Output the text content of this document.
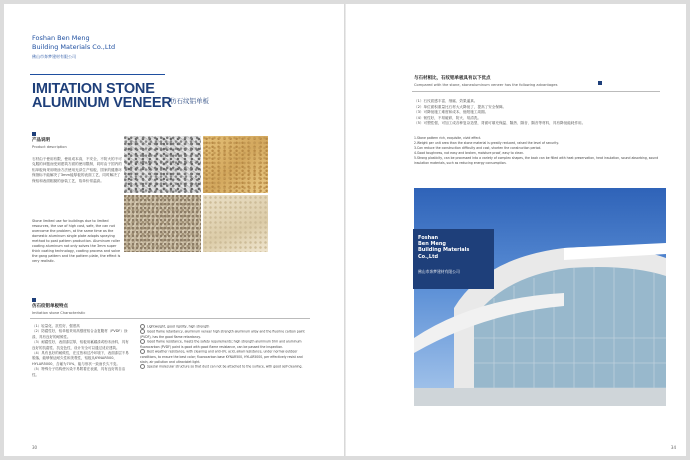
Foshan Ben Meng
Building Materials Co.,Ltd
佛山市奔梦建材有限公司
IMITATION STONE
ALUMINUM VENEER
仿石纹铝单板
产品说明
Product description
石材由于使用有限，使用成本高，不安全，不防火的不可克服的问题而受到建筑方面的使用限制，同时由于国内的铝单板尚采用喷涂方法使用光泽生产铝板，国家的健康环保指标不能解决了3mm能厚板的表面工艺，同时解决了保铝和表面粗糙的涂装工艺，故单价常温高。
Stone limited use for buildings due to limited resources, the use of high cost, safe, the can not overcome the problem, at the same time as the domestic aluminum single plate adopts spraying method to post pattern production. Aluminum roller coating aluminum not only solves the 3mm super thick coating technology, coating process and solve the gang pattern and the pattern plate, the effect is very realistic.
仿石纹铝单板特点
Imitation stone Characteristic
（1）轻量化、抗性好、强度高
（2）防腐性好，铝单板采用高强度铝合金复腹材（PVDF）涂漆，具有良好的耐候性。
（3）耐腐性好，表面漆层厚，铝板用氟碳漆或粉末涂料，具有良好的抗腐性、抗变色性，设计安全可以通过适应建筑。
（4）具有良好的耐候性，在过热和过冷环境下，表面漆层不易脱落，能够保证耐久性和美观性，铝板从KYNAR500、HYLAR5000，含氟为70%，能与形状一致而长久不变。
（5）特殊分子结构使污染不易附着在表面，具有良好的自洁性。
Lightweight, good rigidity, high strength
Good flame retardancy, aluminum veneer high strength aluminum alloy and the fluorine carbon paint (PVDF), has the good flame retardancy.
Good flame resistance, meets the safety requirements; high strength aluminum trim and aluminum fluorocarbon (PVDF) paint is good with good flame resistance, can be passed the inspection.
Best weather resistance, with cleaning and anti-UV, acid, alkali resistance, under normal outdoor conditions, to ensure the best color; fluorocarbon base KYNAR500, HYLAR5000, per effectively resist and stain, air pollution and ultraviolet light.
Special molecular structure so that dust can not be attached to the surface, with good self-cleaning.
30
与石材相比，石纹铝单板具有以下优点
Compared with the stone, stonealuminum veneer has the following advantages
（1）石纹质感丰富、细腻、效果逼真。
（2）单位面积重量比石材大大降低了，提高了安全保障。
（3）可降低施工难度和成本，缩短施工周期。
（4）韧性好，不易破碎，防火、易清洗。
（5）可塑性强，可加工成各种复杂造型，背面可填充保温、隔热、隔音、隔音等材料，具有降低能耗作用。
1.Stone pattern rich, exquisite, vivid effect.
2.Weight per unit area than the stone material is greatly reduced, raised the level of security.
3.Can reduce the construction difficulty and cost, shorten the construction period.
4.Good toughness, not easy and broken, moisture proof, easy to clean.
5.Strong plasticity, can be processed into a variety of complex shapes, the back can be filled with heat preservation, heat insulation, sound absorbing, sound insulation materials, such as reducing energy consumption.
Foshan
Ben Meng
Building Materials
Co.,Ltd
佛山市奔梦建材有限公司
34
